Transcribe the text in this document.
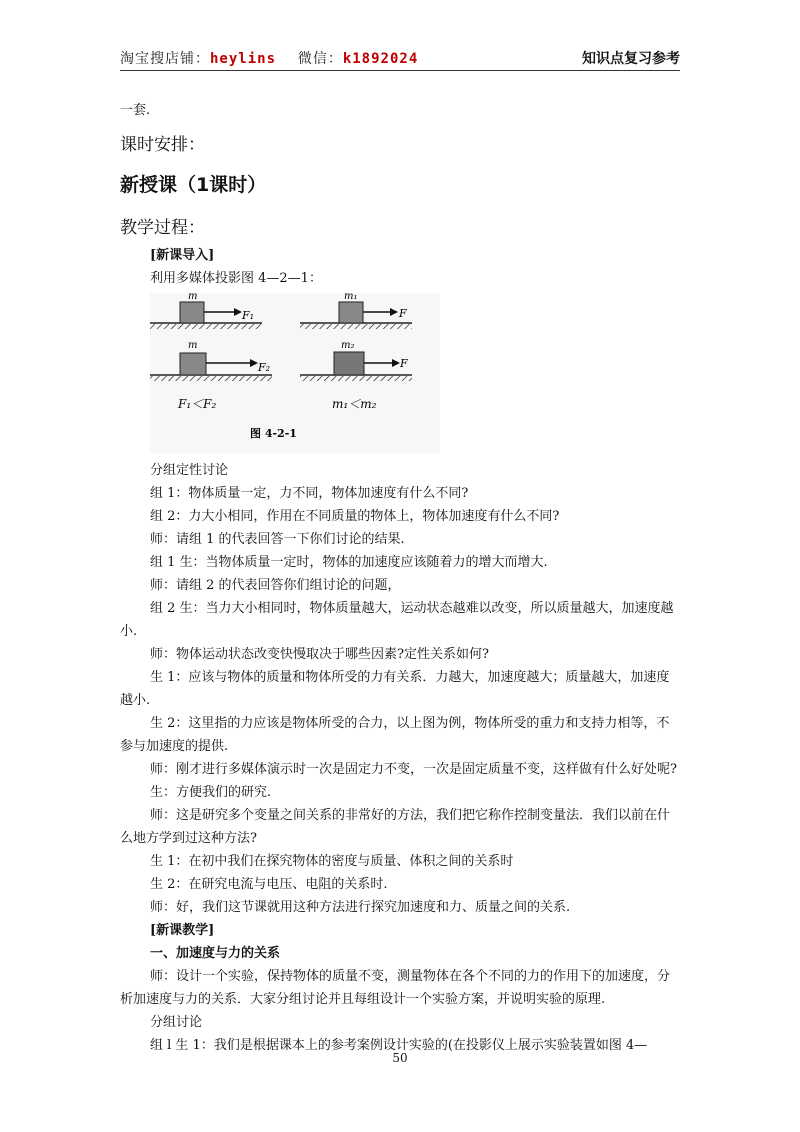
淘宝搜店铺：heylins 微信：k1892024	知识点复习参考
一套.
课时安排：
新授课（1课时）
教学过程：

[新课导入]

利用多媒体投影图 4—2—1：

m
F₁
m₁
F
m
F₂
m₂
F
F₁＜F₂	m₁＜m₂
图 4-2-1

分组定性讨论

组 1：物体质量一定，力不同，物体加速度有什么不同?

组 2：力大小相同，作用在不同质量的物体上，物体加速度有什么不同?

师：请组 1 的代表回答一下你们讨论的结果.

组 1 生：当物体质量一定时，物体的加速度应该随着力的增大而增大.

师：请组 2 的代表回答你们组讨论的问题，

组 2 生：当力大小相同时，物体质量越大，运动状态越难以改变，所以质量越大，加速度越小.

师：物体运动状态改变快慢取决于哪些因素?定性关系如何?

生 1：应该与物体的质量和物体所受的力有关系．力越大，加速度越大；质量越大，加速度越小.

生 2：这里指的力应该是物体所受的合力，以上图为例，物体所受的重力和支持力相等，不参与加速度的提供.

师：刚才进行多媒体演示时一次是固定力不变，一次是固定质量不变，这样做有什么好处呢?

生：方便我们的研究.

师：这是研究多个变量之间关系的非常好的方法，我们把它称作控制变量法．我们以前在什么地方学到过这种方法?

生 1：在初中我们在探究物体的密度与质量、体积之间的关系时

生 2：在研究电流与电压、电阻的关系时.

师：好，我们这节课就用这种方法进行探究加速度和力、质量之间的关系.

[新课教学]

一、加速度与力的关系

师：设计一个实验，保持物体的质量不变，测量物体在各个不同的力的作用下的加速度，分析加速度与力的关系．大家分组讨论并且每组设计一个实验方案，并说明实验的原理.

分组讨论

组 l 生 1：我们是根据课本上的参考案例设计实验的(在投影仪上展示实验装置如图 4—

50
